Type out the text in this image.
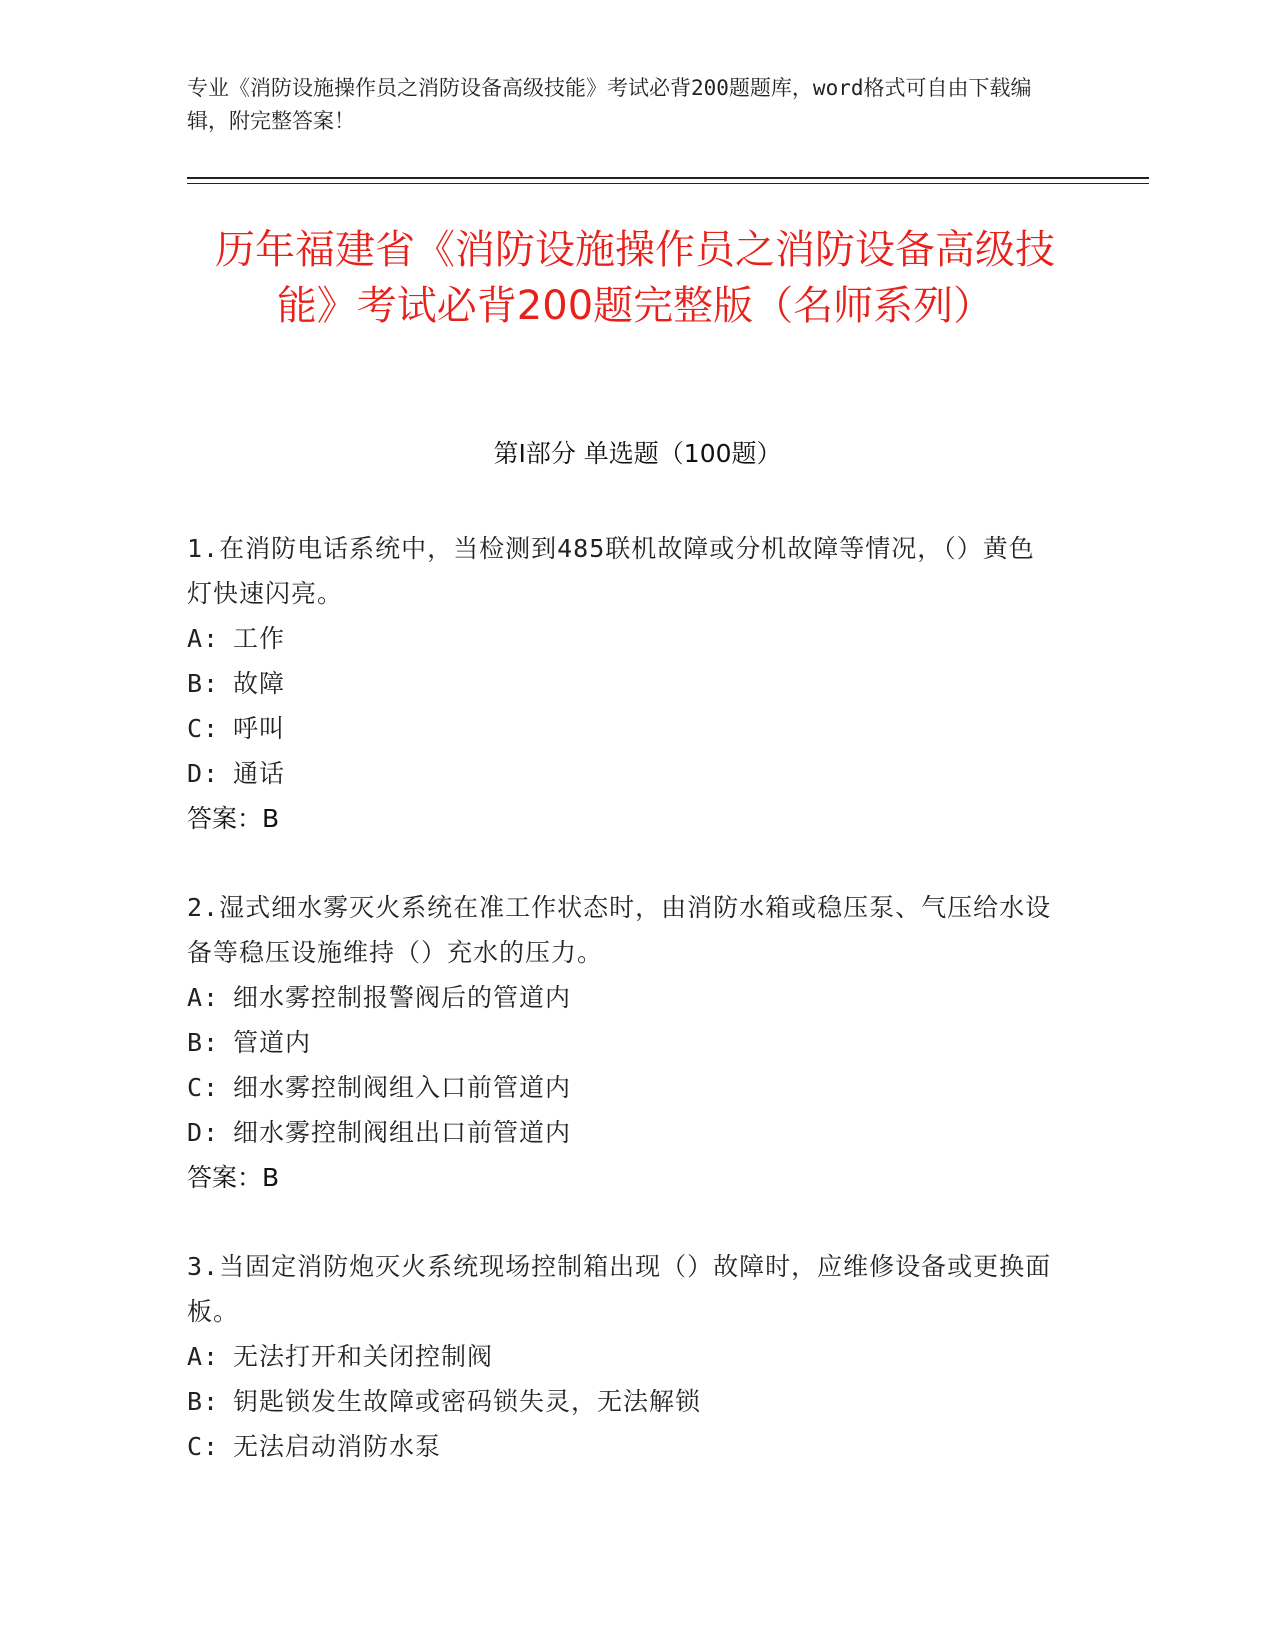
专业《消防设施操作员之消防设备高级技能》考试必背200题题库，word格式可自由下载编辑，附完整答案！
历年福建省《消防设施操作员之消防设备高级技能》考试必背200题完整版（名师系列）
第Ⅰ部分 单选题（100题）
1.在消防电话系统中，当检测到485联机故障或分机故障等情况，（）黄色灯快速闪亮。
A: 工作
B: 故障
C: 呼叫
D: 通话
答案：B
2.湿式细水雾灭火系统在准工作状态时，由消防水箱或稳压泵、气压给水设备等稳压设施维持（）充水的压力。
A: 细水雾控制报警阀后的管道内
B: 管道内
C: 细水雾控制阀组入口前管道内
D: 细水雾控制阀组出口前管道内
答案：B
3.当固定消防炮灭火系统现场控制箱出现（）故障时，应维修设备或更换面板。
A: 无法打开和关闭控制阀
B: 钥匙锁发生故障或密码锁失灵，无法解锁
C: 无法启动消防水泵
